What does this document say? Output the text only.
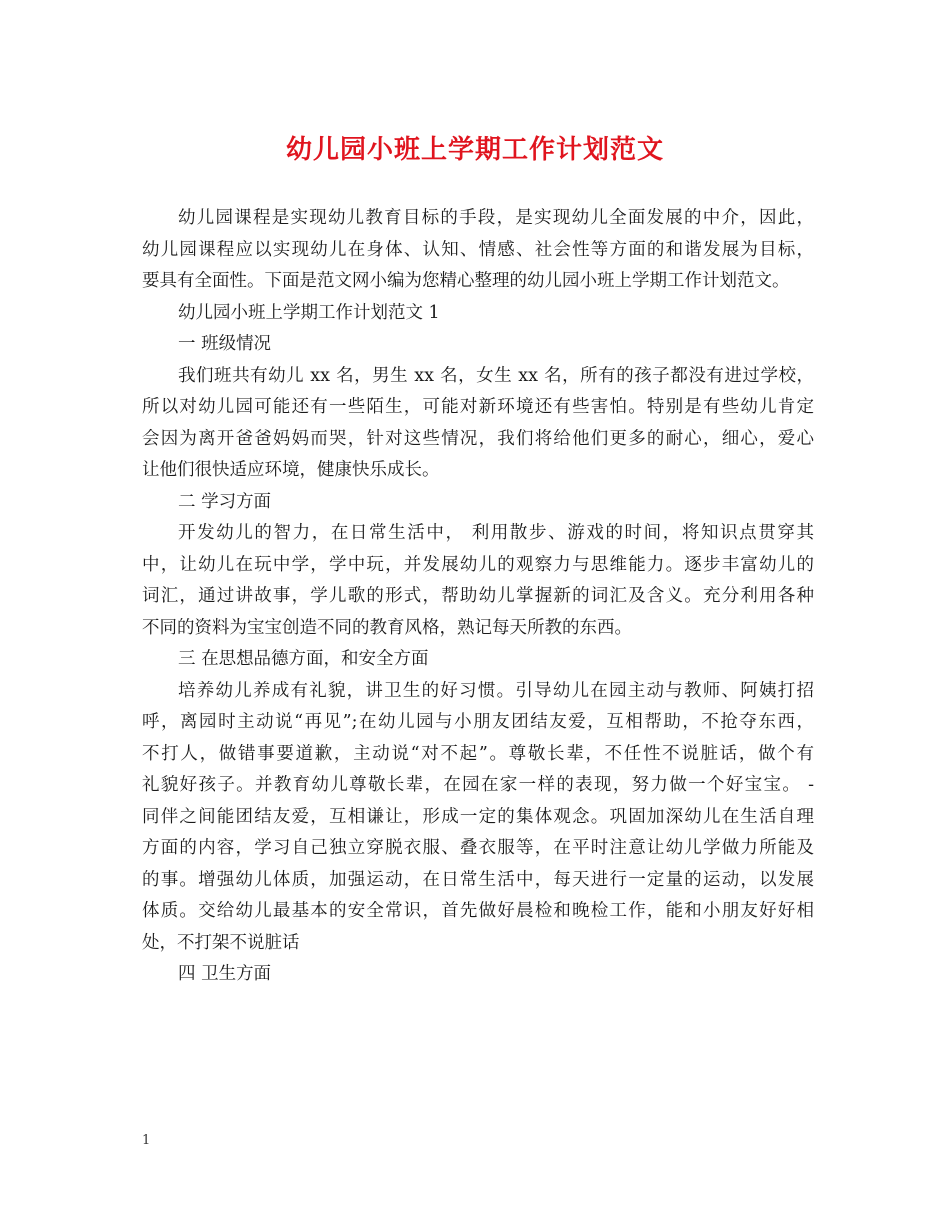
幼儿园小班上学期工作计划范文
幼儿园课程是实现幼儿教育目标的手段，是实现幼儿全面发展的中介，因此，
幼儿园课程应以实现幼儿在身体、认知、情感、社会性等方面的和谐发展为目标，
要具有全面性。下面是范文网小编为您精心整理的幼儿园小班上学期工作计划范文。
幼儿园小班上学期工作计划范文 1
一 班级情况
我们班共有幼儿 xx 名，男生 xx 名，女生 xx 名，所有的孩子都没有进过学校，
所以对幼儿园可能还有一些陌生，可能对新环境还有些害怕。特别是有些幼儿肯定
会因为离开爸爸妈妈而哭，针对这些情况，我们将给他们更多的耐心，细心，爱心
让他们很快适应环境，健康快乐成长。
二 学习方面
开发幼儿的智力，在日常生活中， 利用散步、游戏的时间，将知识点贯穿其
中，让幼儿在玩中学，学中玩，并发展幼儿的观察力与思维能力。逐步丰富幼儿的
词汇，通过讲故事，学儿歌的形式，帮助幼儿掌握新的词汇及含义。充分利用各种
不同的资料为宝宝创造不同的教育风格，熟记每天所教的东西。
三 在思想品德方面，和安全方面
培养幼儿养成有礼貌，讲卫生的好习惯。引导幼儿在园主动与教师、阿姨打招
呼，离园时主动说“再见”;在幼儿园与小朋友团结友爱，互相帮助，不抢夺东西，
不打人，做错事要道歉，主动说“对不起”。尊敬长辈，不任性不说脏话，做个有
礼貌好孩子。并教育幼儿尊敬长辈，在园在家一样的表现，努力做一个好宝宝。 -
同伴之间能团结友爱，互相谦让，形成一定的集体观念。巩固加深幼儿在生活自理
方面的内容，学习自己独立穿脱衣服、叠衣服等，在平时注意让幼儿学做力所能及
的事。增强幼儿体质，加强运动，在日常生活中，每天进行一定量的运动，以发展
体质。交给幼儿最基本的安全常识，首先做好晨检和晚检工作，能和小朋友好好相
处，不打架不说脏话
四 卫生方面
1
